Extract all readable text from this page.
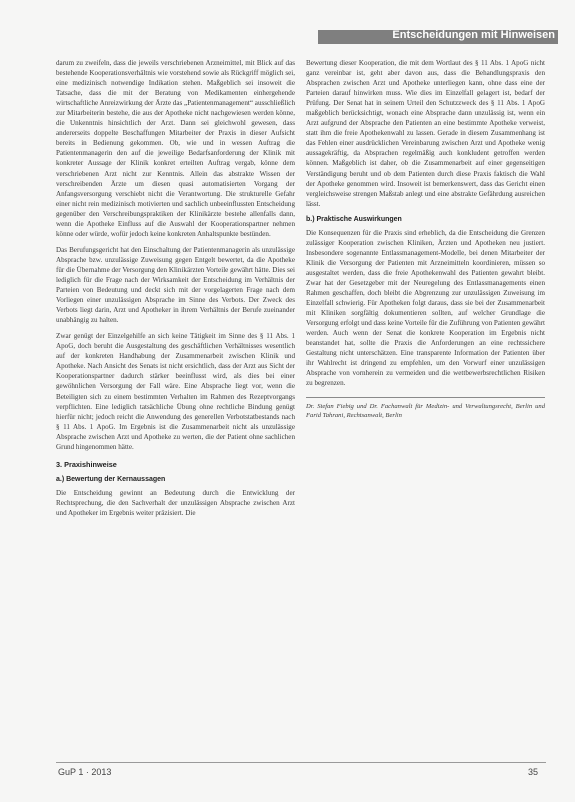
Entscheidungen mit Hinweisen

darum zu zweifeln, dass die jeweils verschriebenen Arzneimittel, mit Blick auf das bestehende Kooperationsverhältnis wie vorstehend sowie als Rückgriff möglich sei, eine medizinisch notwendige Indikation stehen. Maßgeblich sei insoweit die Tatsache, dass die mit der Beratung von Medikamenten einhergehende wirtschaftliche Anreizwirkung der Ärzte das „Patientenmanagement“ ausschließlich zur Mitarbeiterin bestehe, die aus der Apotheke nicht nachgewiesen werden könne, die Unkenntnis hinsichtlich der Arzt. Dann sei gleichwohl gewesen, dass andererseits doppelte Beschaffungen Mitarbeiter der Praxis in dieser Aufsicht bereits in Bedienung gekommen. Ob, wie und in wessen Auftrag die Patientenmanagerin den auf die jeweilige Bedarfsanforderung der Klinik mit konkreter Aussage der Klinik konkret erteilten Auftrag vergab, könne dem verschriebenen Arzt nicht zur Kenntnis. Allein das abstrakte Wissen der verschreibenden Ärzte um diesen quasi automatisierten Vorgang der Anfangsversorgung verschiebt nicht die Verantwortung. Die strukturelle Gefahr einer nicht rein medizinisch motivierten und sachlich unbeeinflussten Entscheidung gegenüber den Verschreibungspraktiken der Klinikärzte bestehe allenfalls dann, wenn die Apotheke Einfluss auf die Auswahl der Kooperationspartner nehmen könne oder würde, wofür jedoch keine konkreten Anhaltspunkte bestünden.

Das Berufungsgericht hat den Einschaltung der Patientenmanagerin als unzulässige Absprache bzw. unzulässige Zuweisung gegen Entgelt bewertet, da die Apotheke für die Übernahme der Versorgung den Klinikärzten Vorteile gewährt hätte. Dies sei lediglich für die Frage nach der Wirksamkeit der Entscheidung im Verhältnis der Parteien von Bedeutung und deckt sich mit der vorgelagerten Frage nach dem Vorliegen einer unzulässigen Absprache im Sinne des Verbots. Der Zweck des Verbots liegt darin, Arzt und Apotheker in ihrem Verhältnis der Berufe zueinander unabhängig zu halten.

Zwar genügt der Einzelgehilfe an sich keine Tätigkeit im Sinne des § 11 Abs. 1 ApoG, doch beruht die Ausgestaltung des geschäftlichen Verhältnisses wesentlich auf der konkreten Handhabung der Zusammenarbeit zwischen Klinik und Apotheke. Nach Ansicht des Senats ist nicht ersichtlich, dass der Arzt aus Sicht der Kooperationspartner dadurch stärker beeinflusst wird, als dies bei einer gewöhnlichen Versorgung der Fall wäre. Eine Absprache liegt vor, wenn die Beteiligten sich zu einem bestimmten Verhalten im Rahmen des Rezeptvorgangs verpflichten. Eine lediglich tatsächliche Übung ohne rechtliche Bindung genügt hierfür nicht; jedoch reicht die Anwendung des generellen Verbotstatbestands nach § 11 Abs. 1 ApoG. Im Ergebnis ist die Zusammenarbeit nicht als unzulässige Absprache zwischen Arzt und Apotheke zu werten, die der Patient ohne sachlichen Grund hingenommen hätte.

3. Praxishinweise
a.) Bewertung der Kernaussagen

Die Entscheidung gewinnt an Bedeutung durch die Entwicklung der Rechtsprechung, die den Sachverhalt der unzulässigen Absprache zwischen Arzt und Apotheker im Ergebnis weiter präzisiert. Die

Bewertung dieser Kooperation, die mit dem Wortlaut des § 11 Abs. 1 ApoG nicht ganz vereinbar ist, geht aber davon aus, dass die Behandlungspraxis den Absprachen zwischen Arzt und Apotheke unterliegen kann, ohne dass eine der Parteien darauf hinwirken muss. Wie dies im Einzelfall gelagert ist, bedarf der Prüfung. Der Senat hat in seinem Urteil den Schutzzweck des § 11 Abs. 1 ApoG maßgeblich berücksichtigt, wonach eine Absprache dann unzulässig ist, wenn ein Arzt aufgrund der Absprache den Patienten an eine bestimmte Apotheke verweist, statt ihm die freie Apothekenwahl zu lassen. Gerade in diesem Zusammenhang ist das Fehlen einer ausdrücklichen Vereinbarung zwischen Arzt und Apotheke wenig aussagekräftig, da Absprachen regelmäßig auch konkludent getroffen werden können. Maßgeblich ist daher, ob die Zusammenarbeit auf einer gegenseitigen Verständigung beruht und ob dem Patienten durch diese Praxis faktisch die Wahl der Apotheke genommen wird. Insoweit ist bemerkenswert, dass das Gericht einen vergleichsweise strengen Maßstab anlegt und eine abstrakte Gefährdung ausreichen lässt.

b.) Praktische Auswirkungen

Die Konsequenzen für die Praxis sind erheblich, da die Entscheidung die Grenzen zulässiger Kooperation zwischen Kliniken, Ärzten und Apotheken neu justiert. Insbesondere sogenannte Entlassmanagement-Modelle, bei denen Mitarbeiter der Klinik die Versorgung der Patienten mit Arzneimitteln koordinieren, müssen so ausgestaltet werden, dass die freie Apothekenwahl des Patienten gewahrt bleibt. Zwar hat der Gesetzgeber mit der Neuregelung des Entlassmanagements einen Rahmen geschaffen, doch bleibt die Abgrenzung zur unzulässigen Zuweisung im Einzelfall schwierig. Für Apotheken folgt daraus, dass sie bei der Zusammenarbeit mit Kliniken sorgfältig dokumentieren sollten, auf welcher Grundlage die Versorgung erfolgt und dass keine Vorteile für die Zuführung von Patienten gewährt werden. Auch wenn der Senat die konkrete Kooperation im Ergebnis nicht beanstandet hat, sollte die Praxis die Anforderungen an eine rechtssichere Gestaltung nicht unterschätzen. Eine transparente Information der Patienten über ihr Wahlrecht ist dringend zu empfehlen, um den Vorwurf einer unzulässigen Absprache von vornherein zu vermeiden und die wettbewerbsrechtlichen Risiken zu begrenzen.

Dr. Stefan Fiebig und Dr. Fachanwalt für Medizin- und Verwaltungsrecht, Berlin und Farid Tahrani, Rechtsanwalt, Berlin

GuP 1 · 2013	35
